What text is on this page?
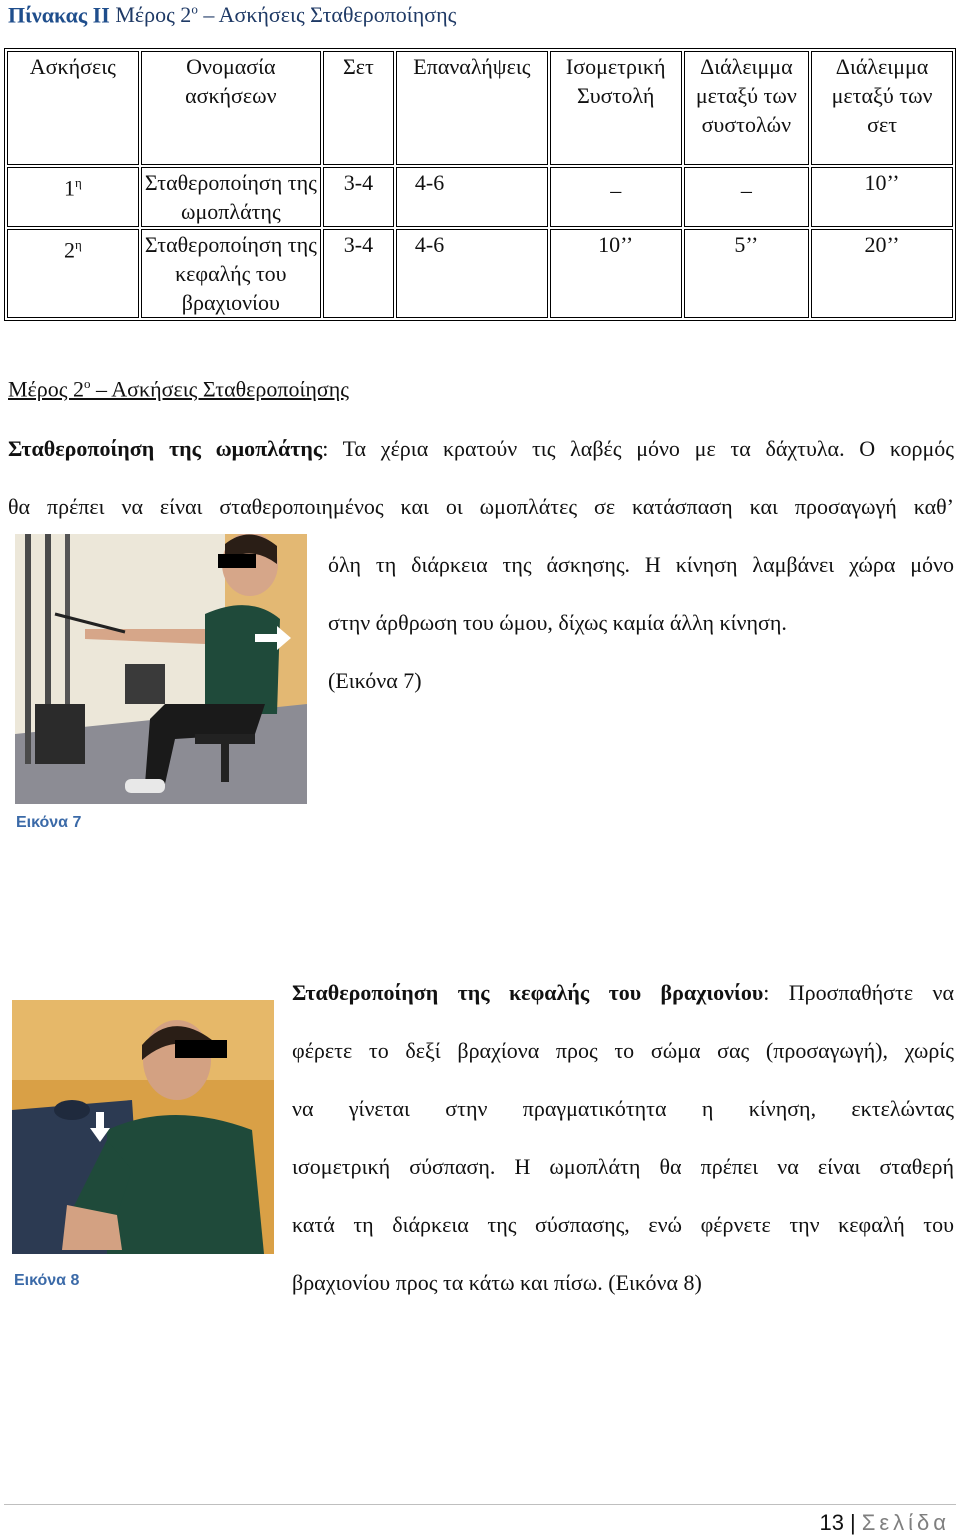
Πίνακας ΙΙ Μέρος $2^o$ – Ασκήσεις Σταθεροποίησης
Ασκήσεις	Ονομασία ασκήσεων	Σετ	Επαναλήψεις	Ισομετρική Συστολή	Διάλειμμα μεταξύ των συστολών	Διάλειμμα μεταξύ των σετ
$1^\eta$	Σταθεροποίηση της ωμοπλάτης	3-4	4-6	_	_	10’’
$2^\eta$	Σταθεροποίηση της κεφαλής του βραχιονίου	3-4	4-6	10’’	5’’	20’’
Μέρος $2^o$ – Ασκήσεις Σταθεροποίησης
Σταθεροποίηση της ωμοπλάτης: Τα χέρια κρατούν τις λαβές μόνο με τα δάχτυλα. Ο κορμός
θα πρέπει να είναι σταθεροποιημένος και οι ωμοπλάτες σε κατάσπαση και προσαγωγή καθ’
όλη τη διάρκεια της άσκησης. Η κίνηση λαμβάνει χώρα μόνο
στην άρθρωση του ώμου, δίχως καμία άλλη κίνηση.
(Εικόνα 7)
Εικόνα 7
Σταθεροποίηση της κεφαλής του βραχιονίου: Προσπαθήστε να
φέρετε το δεξί βραχίονα προς το σώμα σας (προσαγωγή), χωρίς
να γίνεται στην πραγματικότητα η κίνηση, εκτελώντας
ισομετρική σύσπαση. Η ωμοπλάτη θα πρέπει να είναι σταθερή
κατά τη διάρκεια της σύσπασης, ενώ φέρνετε την κεφαλή του
βραχιονίου προς τα κάτω και πίσω. (Εικόνα 8)
Εικόνα 8
13 | Σελίδα
